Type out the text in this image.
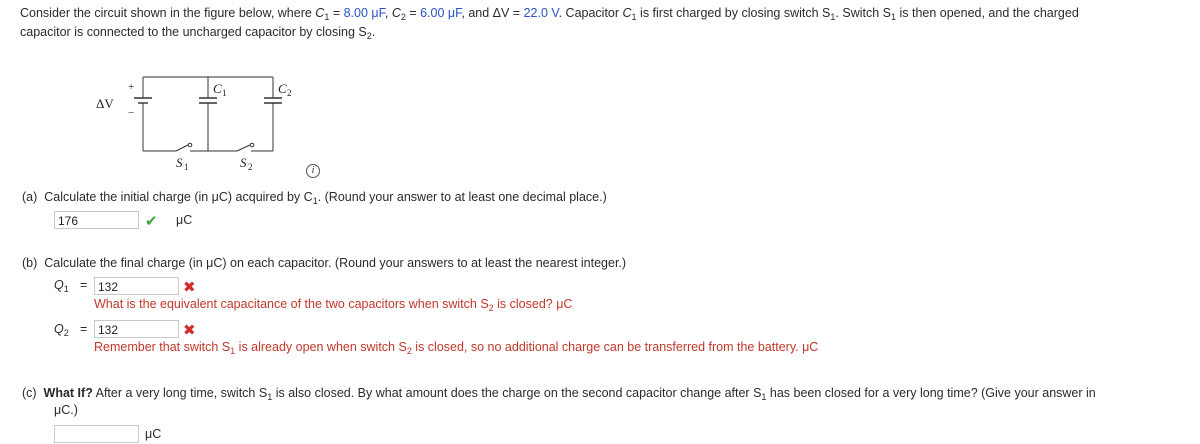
Consider the circuit shown in the figure below, where $C_1 = 8.00$ μF, $C_2 = 6.00$ μF, and ΔV = 22.0 V. Capacitor $C_1$ is first charged by closing switch $S_1$. Switch $S_1$ is then opened, and the charged
capacitor is connected to the uncharged capacitor by closing $S_2$.
+
−
ΔV
C 1	C 2
S 1	S 2	i
(a) Calculate the initial charge (in μC) acquired by $C_1$. (Round your answer to at least one decimal place.)
176	✔ μC
(b) Calculate the final charge (in μC) on each capacitor. (Round your answers to at least the nearest integer.)
$Q_1 = 132$	✖
What is the equivalent capacitance of the two capacitors when switch $S_2$ is closed? μC
$Q_2 = 132$	✖
Remember that switch $S_1$ is already open when switch $S_2$ is closed, so no additional charge can be transferred from the battery. μC
(c) What If? After a very long time, switch $S_1$ is also closed. By what amount does the charge on the second capacitor change after $S_1$ has been closed for a very long time? (Give your answer in
μC.)
μC
